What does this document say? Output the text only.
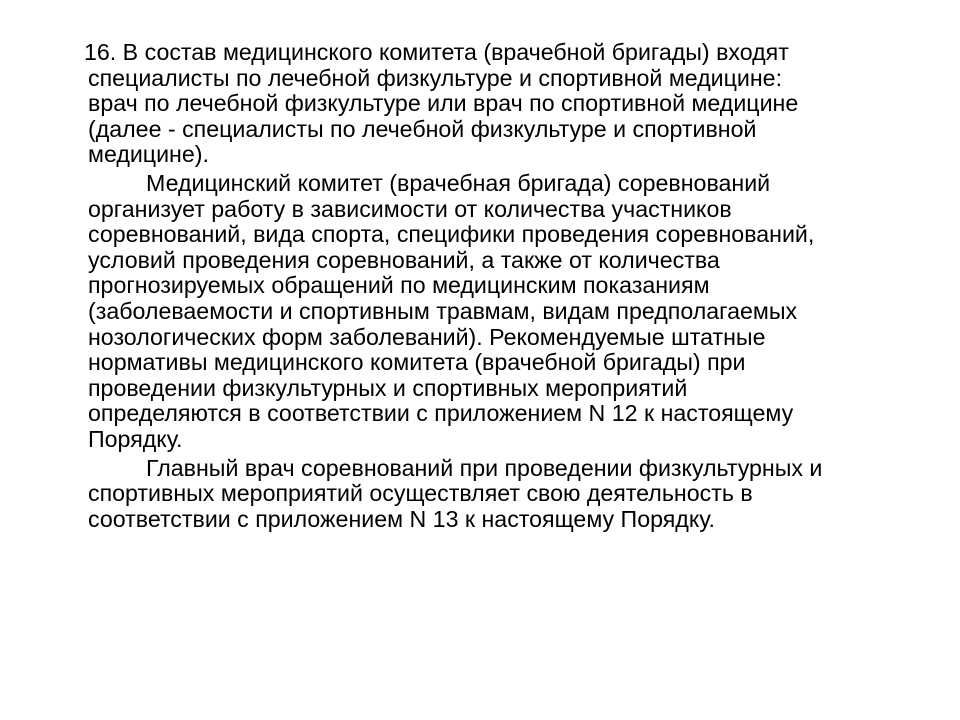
16. В состав медицинского комитета (врачебной бригады) входят
специалисты по лечебной физкультуре и спортивной медицине:
врач по лечебной физкультуре или врач по спортивной медицине
(далее - специалисты по лечебной физкультуре и спортивной
медицине).

Медицинский комитет (врачебная бригада) соревнований
организует работу в зависимости от количества участников
соревнований, вида спорта, специфики проведения соревнований,
условий проведения соревнований, а также от количества
прогнозируемых обращений по медицинским показаниям
(заболеваемости и спортивным травмам, видам предполагаемых
нозологических форм заболеваний). Рекомендуемые штатные
нормативы медицинского комитета (врачебной бригады) при
проведении физкультурных и спортивных мероприятий
определяются в соответствии с приложением N 12 к настоящему
Порядку.

Главный врач соревнований при проведении физкультурных и
спортивных мероприятий осуществляет свою деятельность в
соответствии с приложением N 13 к настоящему Порядку.
